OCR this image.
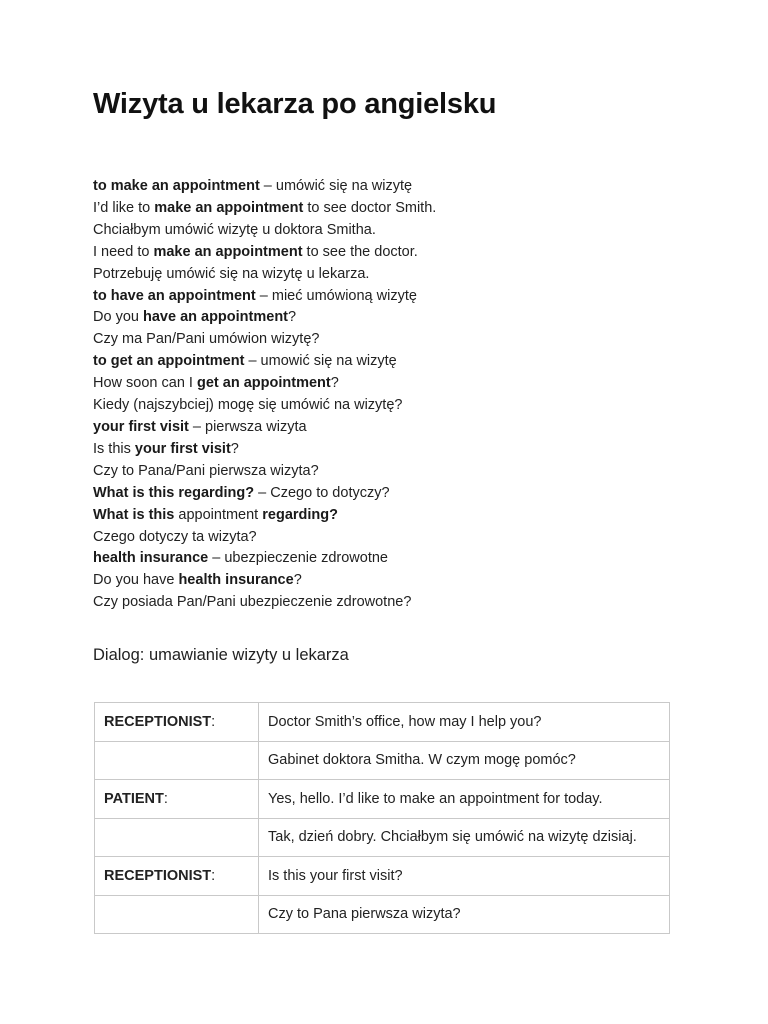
Wizyta u lekarza po angielsku
to make an appointment – umówić się na wizytę
I’d like to make an appointment to see doctor Smith.
Chciałbym umówić wizytę u doktora Smitha.
I need to make an appointment to see the doctor.
Potrzebuję umówić się na wizytę u lekarza.
to have an appointment – mieć umówioną wizytę
Do you have an appointment?
Czy ma Pan/Pani umówion wizytę?
to get an appointment – umowić się na wizytę
How soon can I get an appointment?
Kiedy (najszybciej) mogę się umówić na wizytę?
your first visit – pierwsza wizyta
Is this your first visit?
Czy to Pana/Pani pierwsza wizyta?
What is this regarding? – Czego to dotyczy?
What is this appointment regarding?
Czego dotyczy ta wizyta?
health insurance – ubezpieczenie zdrowotne
Do you have health insurance?
Czy posiada Pan/Pani ubezpieczenie zdrowotne?
Dialog: umawianie wizyty u lekarza
RECEPTIONIST:	Doctor Smith’s office, how may I help you?
	Gabinet doktora Smitha. W czym mogę pomóc?
PATIENT:	Yes, hello. I’d like to make an appointment for today.
	Tak, dzień dobry. Chciałbym się umówić na wizytę dzisiaj.
RECEPTIONIST:	Is this your first visit?
	Czy to Pana pierwsza wizyta?
